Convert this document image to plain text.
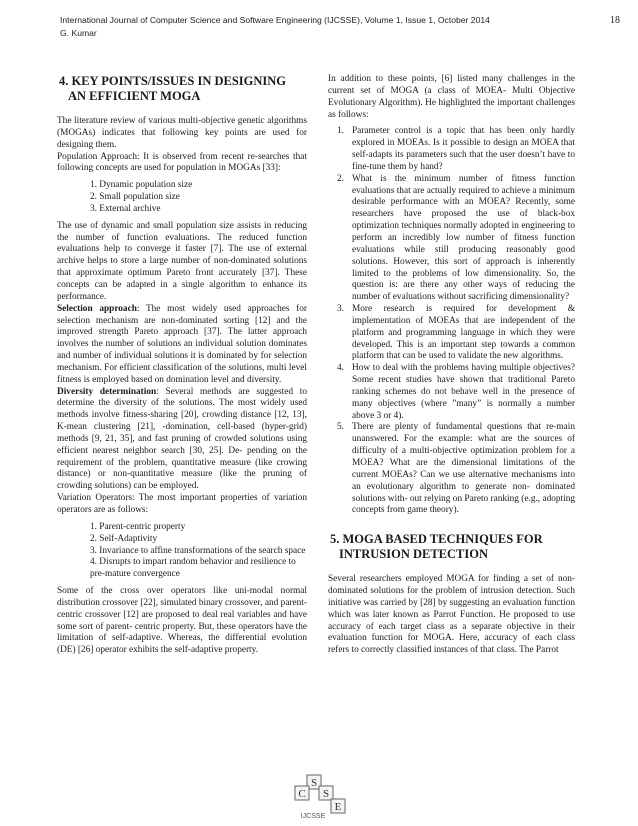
International Journal of Computer Science and Software Engineering (IJCSSE), Volume 1, Issue 1, October 2014
G. Kumar
18
4. KEY POINTS/ISSUES IN DESIGNING
AN EFFICIENT MOGA

The literature review of various multi-objective genetic algorithms (MOGAs) indicates that following key points are used for designing them.

Population Approach: It is observed from recent re-searches that following concepts are used for population in MOGAs [33]:

1. Dynamic population size
2. Small population size
3. External archive

The use of dynamic and small population size assists in reducing the number of function evaluations. The reduced function evaluations help to converge it faster [7]. The use of external archive helps to store a large number of non-dominated solutions that approximate optimum Pareto front accurately [37]. These concepts can be adapted in a single algorithm to enhance its performance.

Selection approach: The most widely used approaches for selection mechanism are non-dominated sorting [12] and the improved strength Pareto approach [37]. The latter approach involves the number of solutions an individual solution dominates and number of individual solutions it is dominated by for selection mechanism. For efficient classification of the solutions, multi level fitness is employed based on domination level and diversity.

Diversity determination: Several methods are suggested to determine the diversity of the solutions. The most widely used methods involve fitness-sharing [20], crowding distance [12, 13], K-mean clustering [21], -domination, cell-based (hyper-grid) methods [9, 21, 35], and fast pruning of crowded solutions using efficient nearest neighbor search [30, 25]. De- pending on the requirement of the problem, quantitative measure (like crowing distance) or non-quantitative measure (like the pruning of crowding solutions) can be employed.

Variation Operators: The most important properties of variation operators are as follows:

1. Parent-centric property
2. Self-Adaptivity
3. Invariance to affine transformations of the search space
4. Disrupts to impart random behavior and resilience to pre-mature convergence

Some of the cross over operators like uni-modal normal distribution crossover [22], simulated binary crossover, and parent-centric crossover [12] are proposed to deal real variables and have some sort of parent- centric property. But, these operators have the limitation of self-adaptive. Whereas, the differential evolution (DE) [26] operator exhibits the self-adaptive property.

In addition to these points, [6] listed many challenges in the current set of MOGA (a class of MOEA- Multi Objective Evolutionary Algorithm). He highlighted the important challenges as follows:

1. Parameter control is a topic that has been only hardly explored in MOEAs. Is it possible to design an MOEA that self-adapts its parameters such that the user doesn’t have to fine-tune them by hand?
2. What is the minimum number of fitness function evaluations that are actually required to achieve a minimum desirable performance with an MOEA? Recently, some researchers have proposed the use of black-box optimization techniques normally adopted in engineering to perform an incredibly low number of fitness function evaluations while still producing reasonably good solutions. However, this sort of approach is inherently limited to the problems of low dimensionality. So, the question is: are there any other ways of reducing the number of evaluations without sacrificing dimensionality?
3. More research is required for development & implementation of MOEAs that are independent of the platform and programming language in which they were developed. This is an important step towards a common platform that can be used to validate the new algorithms.
4. How to deal with the problems having multiple objectives? Some recent studies have shown that traditional Pareto ranking schemes do not behave well in the presence of many objectives (where ”many” is normally a number above 3 or 4).
5. There are plenty of fundamental questions that re-main unanswered. For the example: what are the sources of difficulty of a multi-objective optimization problem for a MOEA? What are the dimensional limitations of the current MOEAs? Can we use alternative mechanisms into an evolutionary algorithm to generate non- dominated solutions with- out relying on Pareto ranking (e.g., adopting concepts from game theory).
5. MOGA BASED TECHNIQUES FOR
INTRUSION DETECTION

Several researchers employed MOGA for finding a set of non-dominated solutions for the problem of intrusion detection. Such initiative was carried by [28] by suggesting an evaluation function which was later known as Parrot Function. He proposed to use accuracy of each target class as a separate objective in their evaluation function for MOGA. Here, accuracy of each class refers to correctly classified instances of that class. The Parrot

S
C S
E
IJCSSE
